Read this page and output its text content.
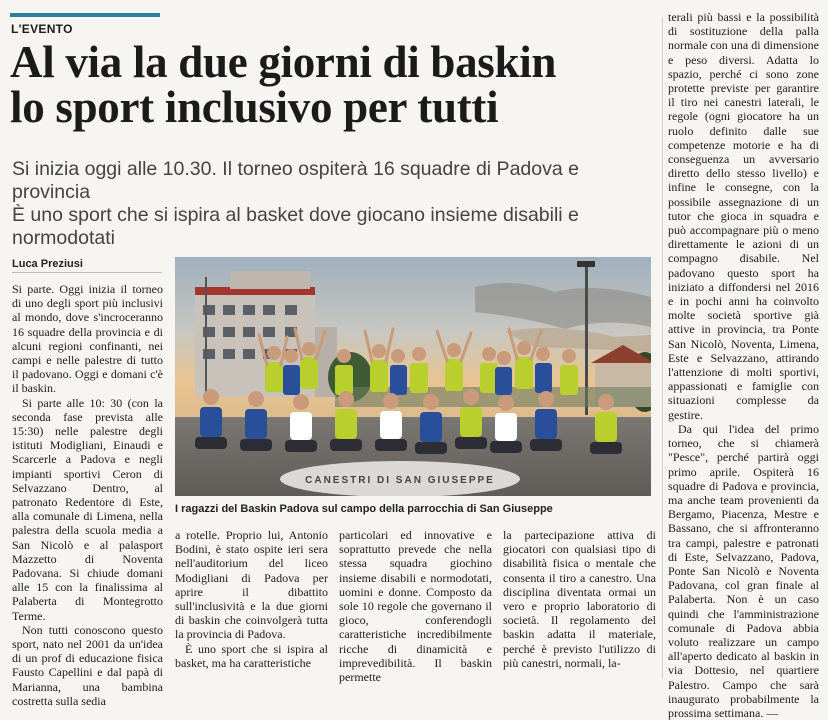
L'EVENTO
Al via la due giorni di baskin
lo sport inclusivo per tutti
Si inizia oggi alle 10.30. Il torneo ospiterà 16 squadre di Padova e provincia
È uno sport che si ispira al basket dove giocano insieme disabili e normodotati
Luca Preziusi

Si parte. Oggi inizia il torneo di uno degli sport più inclusivi al mondo, dove s'incroceranno 16 squadre della provincia e di alcuni regioni confinanti, nei campi e nelle palestre di tutto il padovano. Oggi e domani c'è il baskin.

Si parte alle 10: 30 (con la seconda fase prevista alle 15:30) nelle palestre degli istituti Modigliani, Einaudi e Scarcerle a Padova e negli impianti sportivi Ceron di Selvazzano Dentro, al patronato Redentore di Este, alla comunale di Limena, nella palestra della scuola media a San Nicolò e al palasport Mazzetto di Noventa Padovana. Si chiude domani alle 15 con la finalissima al Palaberta di Montegrotto Terme.

Non tutti conoscono questo sport, nato nel 2001 da un'idea di un prof di educazione fisica Fausto Capellini e dal papà di Marianna, una bambina costretta sulla sedia

CANESTRI DI SAN GIUSEPPE
I ragazzi del Baskin Padova sul campo della parrocchia di San Giuseppe

a rotelle. Proprio lui, Antonio Bodini, è stato ospite ieri sera nell'auditorium del liceo Modigliani di Padova per aprire il dibattito sull'inclusività e la due giorni di baskin che coinvolgerà tutta la provincia di Padova.

È uno sport che si ispira al basket, ma ha caratteristiche

particolari ed innovative e soprattutto prevede che nella stessa squadra giochino insieme disabili e normodotati, uomini e donne. Composto da sole 10 regole che governano il gioco, conferendogli caratteristiche incredibilmente ricche di dinamicità e imprevedibilità. Il baskin permette

la partecipazione attiva di giocatori con qualsiasi tipo di disabilità fisica o mentale che consenta il tiro a canestro. Una disciplina diventata ormai un vero e proprio laboratorio di società. Il regolamento del baskin adatta il materiale, perché è previsto l'utilizzo di più canestri, normali, la-

terali più bassi e la possibilità di sostituzione della palla normale con una di dimensione e peso diversi. Adatta lo spazio, perché ci sono zone protette previste per garantire il tiro nei canestri laterali, le regole (ogni giocatore ha un ruolo definito dalle sue competenze motorie e ha di conseguenza un avversario diretto dello stesso livello) e infine le consegne, con la possibile assegnazione di un tutor che gioca in squadra e può accompagnare più o meno direttamente le azioni di un compagno disabile. Nel padovano questo sport ha iniziato a diffondersi nel 2016 e in pochi anni ha coinvolto molte società sportive già attive in provincia, tra Ponte San Nicolò, Noventa, Limena, Este e Selvazzano, attirando l'attenzione di molti sportivi, appassionati e famiglie con situazioni complesse da gestire.

Da qui l'idea del primo torneo, che si chiamerà "Pesce", perché partirà oggi primo aprile. Ospiterà 16 squadre di Padova e provincia, ma anche team provenienti da Bergamo, Piacenza, Mestre e Bassano, che si affronteranno tra campi, palestre e patronati di Este, Selvazzano, Padova, Ponte San Nicolò e Noventa Padovana, col gran finale al Palaberta. Non è un caso quindi che l'amministrazione comunale di Padova abbia voluto realizzare un campo all'aperto dedicato al baskin in via Dottesio, nel quartiere Palestro. Campo che sarà inaugurato probabilmente la prossima settimana. —
